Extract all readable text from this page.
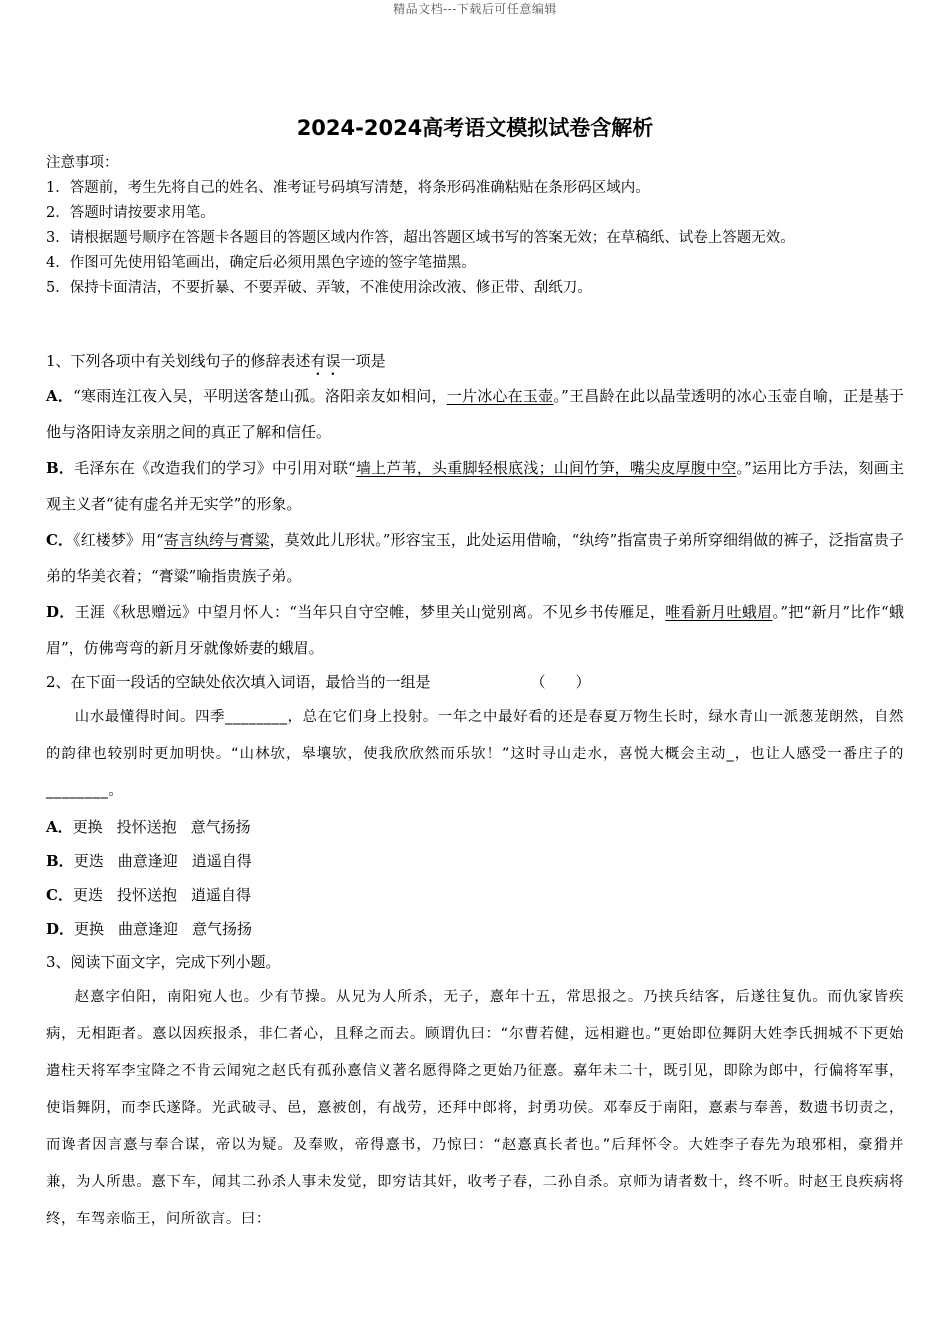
精品文档---下载后可任意编辑
2024-2024高考语文模拟试卷含解析
注意事项：
1．答题前，考生先将自己的姓名、准考证号码填写清楚，将条形码准确粘贴在条形码区域内。
2．答题时请按要求用笔。
3．请根据题号顺序在答题卡各题目的答题区域内作答，超出答题区域书写的答案无效；在草稿纸、试卷上答题无效。
4．作图可先使用铅笔画出，确定后必须用黑色字迹的签字笔描黑。
5．保持卡面清洁，不要折暴、不要弄破、弄皱，不准使用涂改液、修正带、刮纸刀。
1、下列各项中有关划线句子的修辞表述有误一项是
A．“寒雨连江夜入吴，平明送客楚山孤。洛阳亲友如相问，一片冰心在玉壶。”王昌龄在此以晶莹透明的冰心玉壶自喻，正是基于他与洛阳诗友亲朋之间的真正了解和信任。
B．毛泽东在《改造我们的学习》中引用对联“墙上芦苇，头重脚轻根底浅；山间竹笋，嘴尖皮厚腹中空。”运用比方手法，刻画主观主义者“徒有虚名并无实学”的形象。
C．《红楼梦》用“寄言纨绔与膏粱，莫效此儿形状。”形容宝玉，此处运用借喻，“纨绔”指富贵子弟所穿细绢做的裤子，泛指富贵子弟的华美衣着；“膏粱”喻指贵族子弟。
D．王涯《秋思赠远》中望月怀人：“当年只自守空帷，梦里关山觉别离。不见乡书传雁足，唯看新月吐蛾眉。”把“新月”比作“蛾眉”，仿佛弯弯的新月牙就像娇妻的蛾眉。
2、在下面一段话的空缺处依次填入词语，最恰当的一组是	（　　）
山水最懂得时间。四季________，总在它们身上投射。一年之中最好看的还是春夏万物生长时，绿水青山一派葱茏朗然，自然的韵律也较别时更加明快。“山林欤，皋壤欤，使我欣欣然而乐欤！”这时寻山走水，喜悦大概会主动_，也让人感受一番庄子的________。
A．更换 投怀送抱 意气扬扬
B．更迭 曲意逢迎 逍遥自得
C．更迭 投怀送抱 逍遥自得
D．更换 曲意逢迎 意气扬扬
3、阅读下面文字，完成下列小题。
赵憙字伯阳，南阳宛人也。少有节操。从兄为人所杀，无子，憙年十五，常思报之。乃挟兵结客，后遂往复仇。而仇家皆疾病，无相距者。憙以因疾报杀，非仁者心，且释之而去。顾谓仇曰：“尔曹若健，远相避也。”更始即位舞阴大姓李氏拥城不下更始遣柱天将军李宝降之不肯云闻宛之赵氏有孤孙憙信义著名愿得降之更始乃征憙。嘉年未二十，既引见，即除为郎中，行偏将军事，使诣舞阴，而李氏遂降。光武破寻、邑，憙被创，有战劳，还拜中郎将，封勇功侯。邓奉反于南阳，憙素与奉善，数遗书切责之，而谗者因言憙与奉合谋，帝以为疑。及奉败，帝得憙书，乃惊曰：“赵憙真长者也。”后拜怀令。大姓李子春先为琅邪相，豪猾并兼，为人所患。憙下车，闻其二孙杀人事未发觉，即穷诘其奸，收考子春，二孙自杀。京师为请者数十，终不听。时赵王良疾病将终，车驾亲临王，问所欲言。曰：
